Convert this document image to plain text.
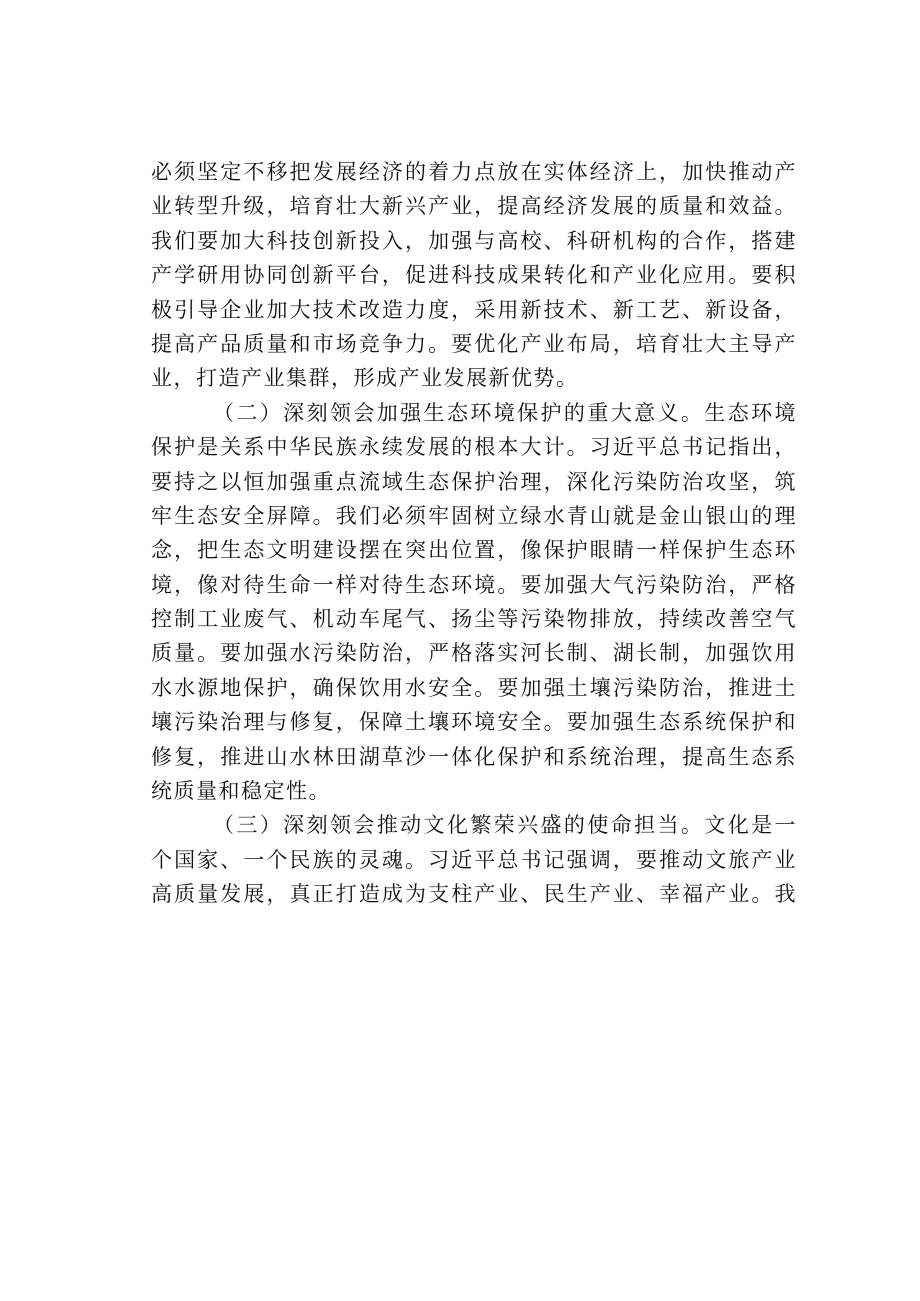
必须坚定不移把发展经济的着力点放在实体经济上，加快推动产
业转型升级，培育壮大新兴产业，提高经济发展的质量和效益。
我们要加大科技创新投入，加强与高校、科研机构的合作，搭建
产学研用协同创新平台，促进科技成果转化和产业化应用。要积
极引导企业加大技术改造力度，采用新技术、新工艺、新设备，
提高产品质量和市场竞争力。要优化产业布局，培育壮大主导产
业，打造产业集群，形成产业发展新优势。
（二）深刻领会加强生态环境保护的重大意义。生态环境
保护是关系中华民族永续发展的根本大计。习近平总书记指出，
要持之以恒加强重点流域生态保护治理，深化污染防治攻坚，筑
牢生态安全屏障。我们必须牢固树立绿水青山就是金山银山的理
念，把生态文明建设摆在突出位置，像保护眼睛一样保护生态环
境，像对待生命一样对待生态环境。要加强大气污染防治，严格
控制工业废气、机动车尾气、扬尘等污染物排放，持续改善空气
质量。要加强水污染防治，严格落实河长制、湖长制，加强饮用
水水源地保护，确保饮用水安全。要加强土壤污染防治，推进土
壤污染治理与修复，保障土壤环境安全。要加强生态系统保护和
修复，推进山水林田湖草沙一体化保护和系统治理，提高生态系
统质量和稳定性。
（三）深刻领会推动文化繁荣兴盛的使命担当。文化是一
个国家、一个民族的灵魂。习近平总书记强调，要推动文旅产业
高质量发展，真正打造成为支柱产业、民生产业、幸福产业。我
